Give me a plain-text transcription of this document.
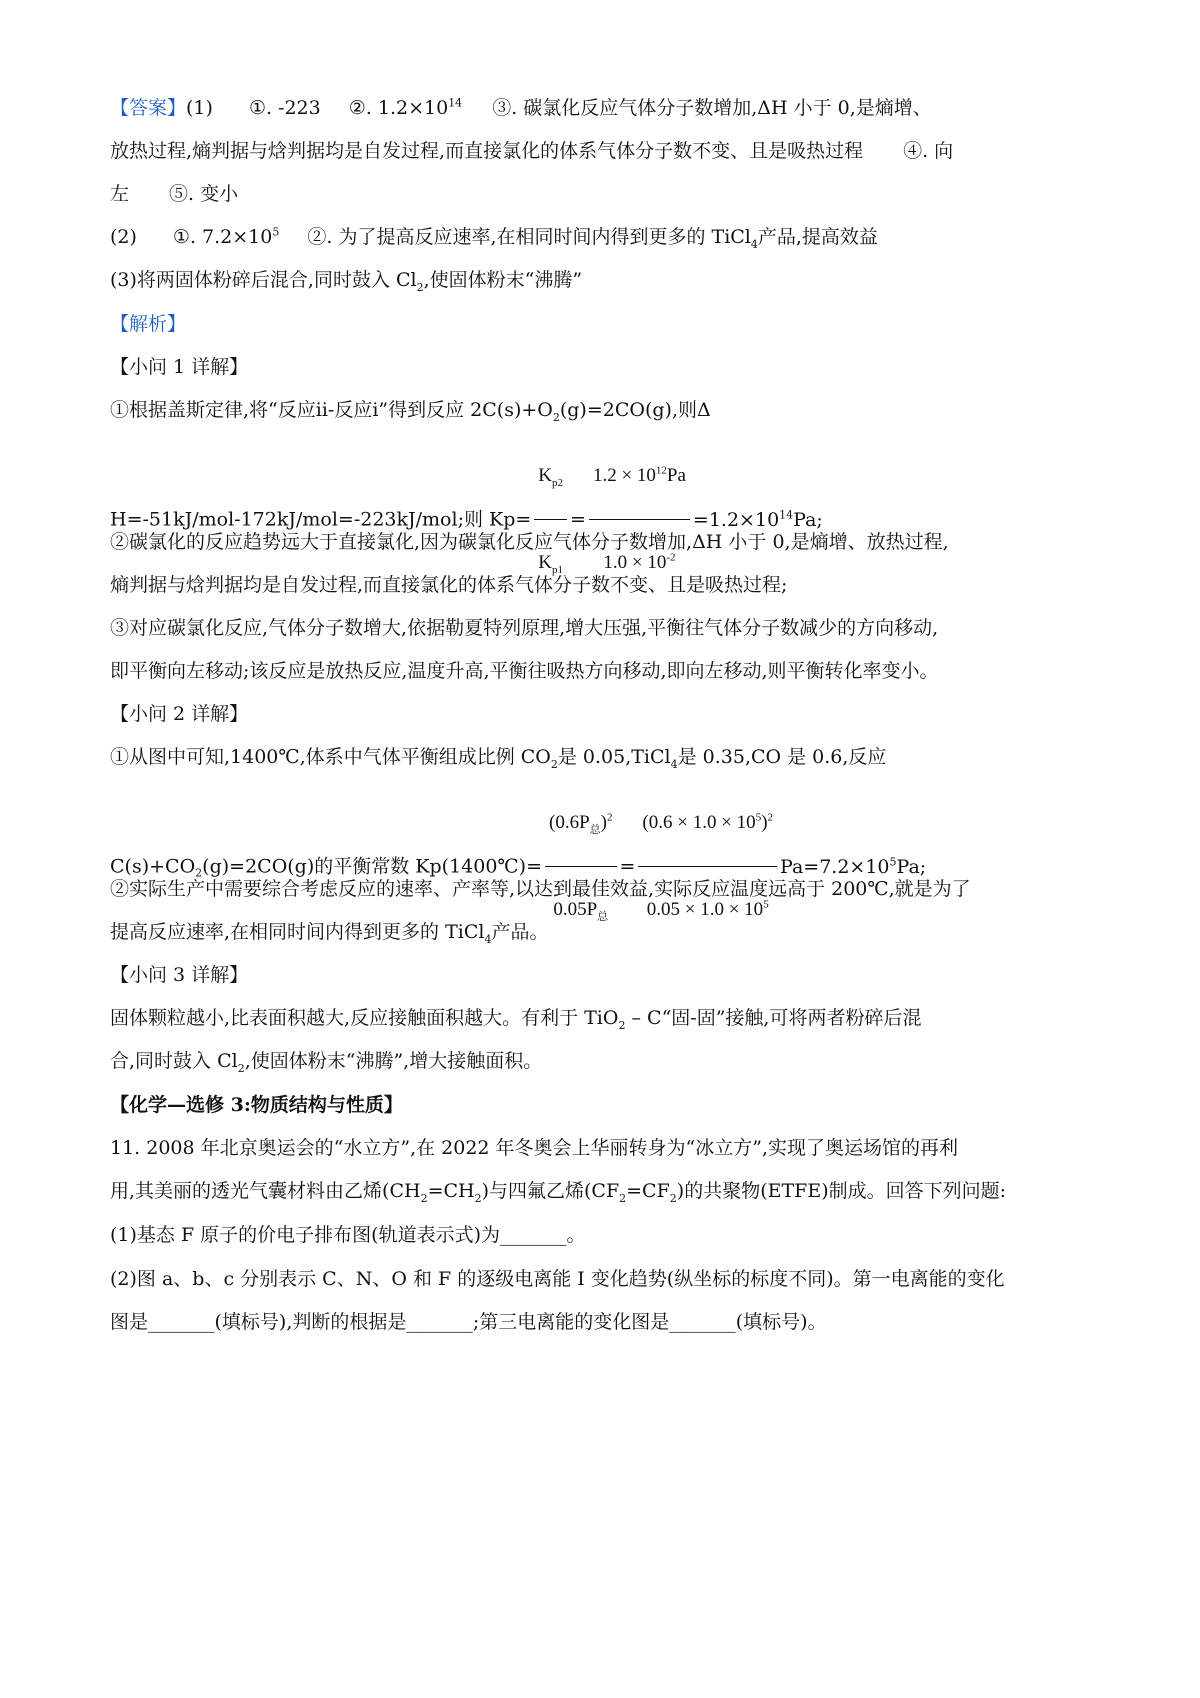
【答案】(1) ①. -223 ②. $1.2\times 10^{14}$ ③. 碳氯化反应气体分子数增加,ΔH 小于 0,是熵增、
放热过程,熵判据与焓判据均是自发过程,而直接氯化的体系气体分子数不变、且是吸热过程 ④. 向
左 ⑤. 变小
(2) ①. $7.2\times 10^5$ ②. 为了提高反应速率,在相同时间内得到更多的 TiCl$_4$产品,提高效益
(3)将两固体粉碎后混合,同时鼓入 $Cl_2$,使固体粉末“沸腾”
【解析】
【小问 1 详解】
①根据盖斯定律,将“反应ⅱ-反应ⅰ”得到反应 $2C(s)+O_2(g)=2CO(g)$,则Δ
H=-51kJ/mol-172kJ/mol=-223kJ/mol;则 $Kp= \frac{K_{p2}}{K_{p1}} = \frac{1.2 \times 10^{12}Pa}{1.0 \times 10^{-2}} =1.2\times 10^{14}Pa$;
②碳氯化的反应趋势远大于直接氯化,因为碳氯化反应气体分子数增加,ΔH 小于 0,是熵增、放热过程,
熵判据与焓判据均是自发过程,而直接氯化的体系气体分子数不变、且是吸热过程;
③对应碳氯化反应,气体分子数增大,依据勒夏特列原理,增大压强,平衡往气体分子数减少的方向移动,
即平衡向左移动;该反应是放热反应,温度升高,平衡往吸热方向移动,即向左移动,则平衡转化率变小。
【小问 2 详解】
①从图中可知,1400℃,体系中气体平衡组成比例 $CO_2$是 0.05,TiCl$_4$是 0.35,CO 是 0.6,反应
$C(s)+CO_2(g)=2CO(g)$的平衡常数 Kp(1400℃)= $\frac{(0.6P_总)^2}{0.05P_总} = \frac{(0.6 \times 1.0 \times 10^5)^2}{0.05 \times 1.0 \times 10^5} Pa=7.2\times 10^5Pa$;
②实际生产中需要综合考虑反应的速率、产率等,以达到最佳效益,实际反应温度远高于 200℃,就是为了
提高反应速率,在相同时间内得到更多的 TiCl$_4$产品。
【小问 3 详解】
固体颗粒越小,比表面积越大,反应接触面积越大。有利于 TiO$_2$ – C“固-固”接触,可将两者粉碎后混
合,同时鼓入 $Cl_2$,使固体粉末“沸腾”,增大接触面积。
【化学—选修 3:物质结构与性质】
11. 2008 年北京奥运会的“水立方”,在 2022 年冬奥会上华丽转身为“冰立方”,实现了奥运场馆的再利
用,其美丽的透光气囊材料由乙烯$(CH_2=CH_2)$与四氟乙烯$(CF_2=CF_2)$的共聚物(ETFE)制成。回答下列问题:
(1)基态 F 原子的价电子排布图(轨道表示式)为_______。
(2)图 a、b、c 分别表示 C、N、O 和 F 的逐级电离能 I 变化趋势(纵坐标的标度不同)。第一电离能的变化
图是_______(填标号),判断的根据是_______;第三电离能的变化图是_______(填标号)。
